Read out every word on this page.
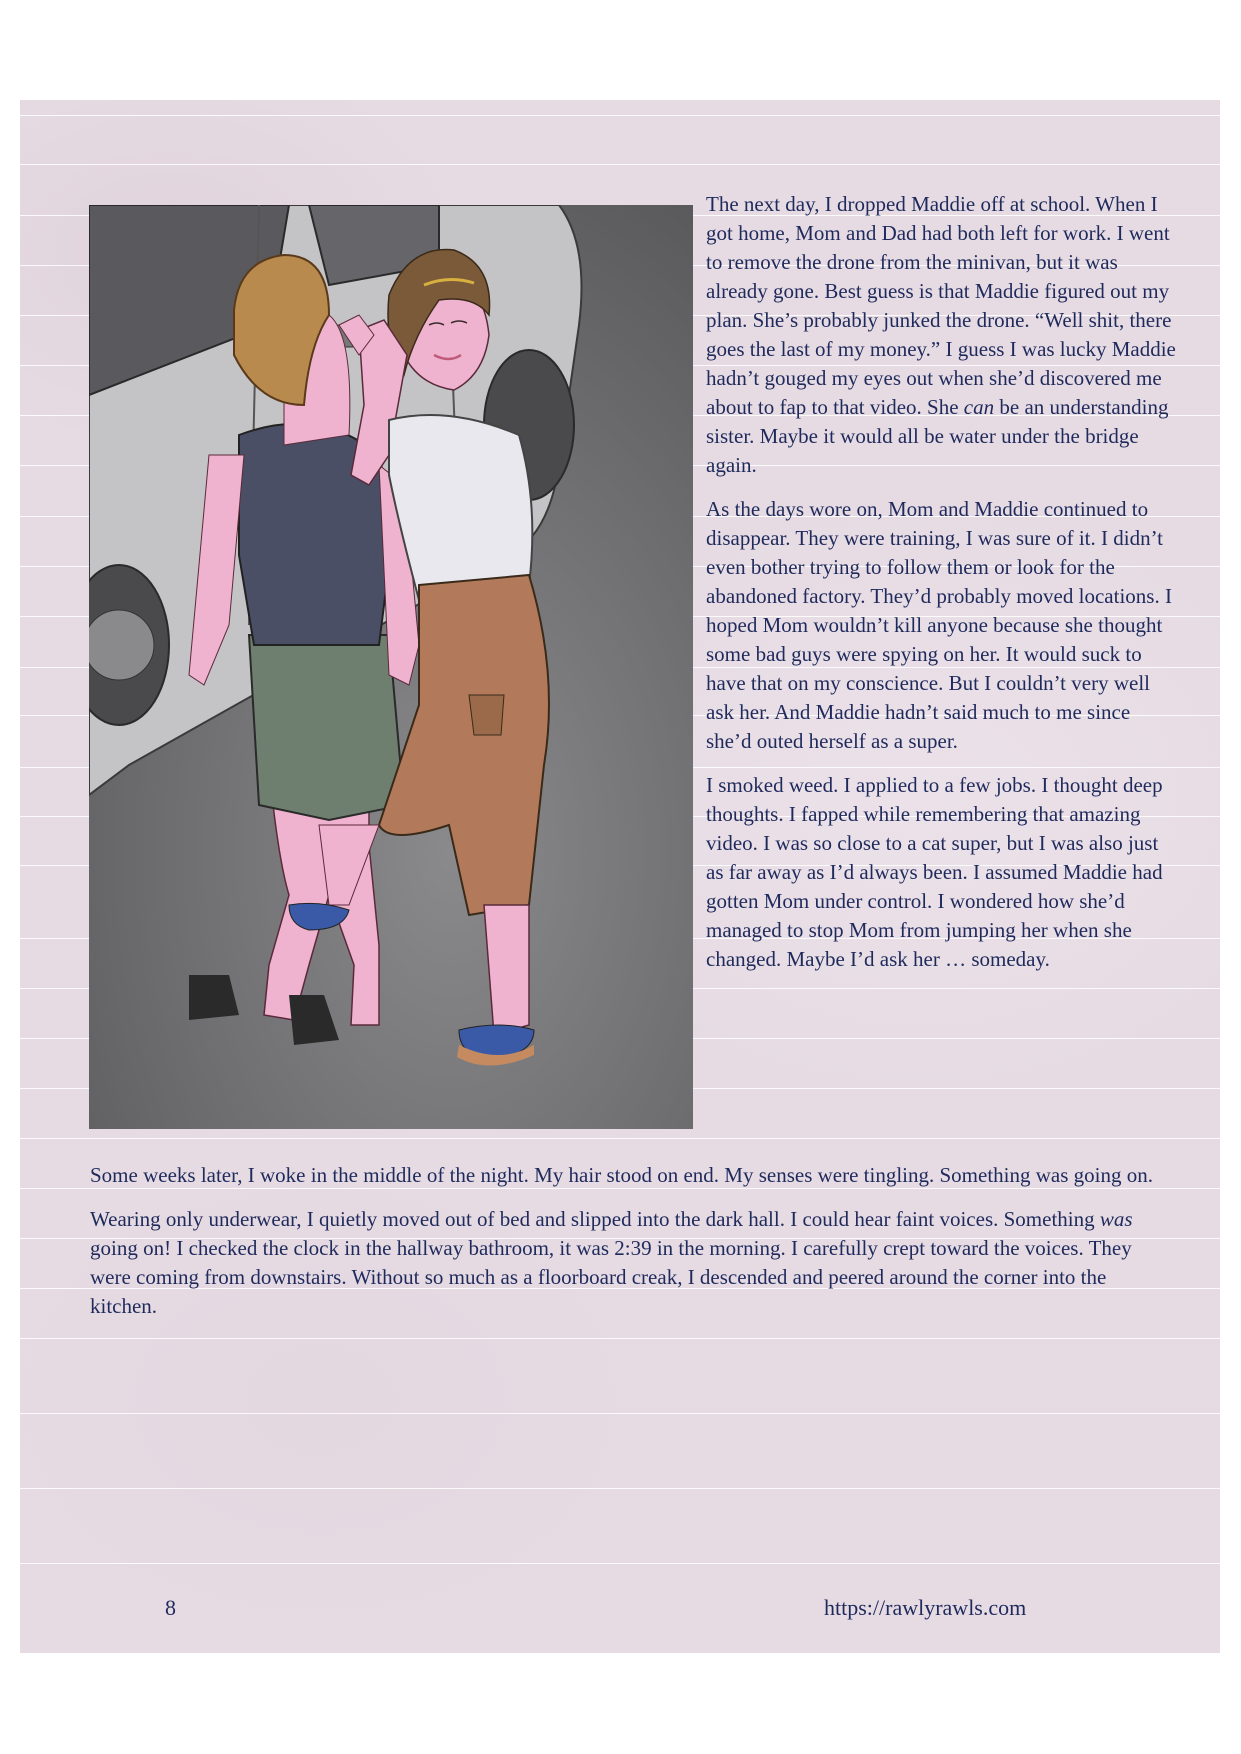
The next day, I dropped Maddie off at school. When I got home, Mom and Dad had both left for work. I went to remove the drone from the minivan, but it was already gone. Best guess is that Maddie figured out my plan. She’s probably junked the drone. “Well shit, there goes the last of my money.” I guess I was lucky Maddie hadn’t gouged my eyes out when she’d discovered me about to fap to that video. She can be an understanding sister. Maybe it would all be water under the bridge again.

As the days wore on, Mom and Maddie continued to disappear. They were training, I was sure of it. I didn’t even bother trying to follow them or look for the abandoned factory. They’d probably moved locations. I hoped Mom wouldn’t kill anyone because she thought some bad guys were spying on her. It would suck to have that on my conscience. But I couldn’t very well ask her. And Maddie hadn’t said much to me since she’d outed herself as a super.

I smoked weed. I applied to a few jobs. I thought deep thoughts. I fapped while remembering that amazing video. I was so close to a cat super, but I was also just as far away as I’d always been. I assumed Maddie had gotten Mom under control. I wondered how she’d managed to stop Mom from jumping her when she changed. Maybe I’d ask her … someday.

Some weeks later, I woke in the middle of the night. My hair stood on end. My senses were tingling. Something was going on.

Wearing only underwear, I quietly moved out of bed and slipped into the dark hall. I could hear faint voices. Something was going on! I checked the clock in the hallway bathroom, it was 2:39 in the morning. I carefully crept toward the voices. They were coming from downstairs. Without so much as a floorboard creak, I descended and peered around the corner into the kitchen.

8	https://rawlyrawls.com
